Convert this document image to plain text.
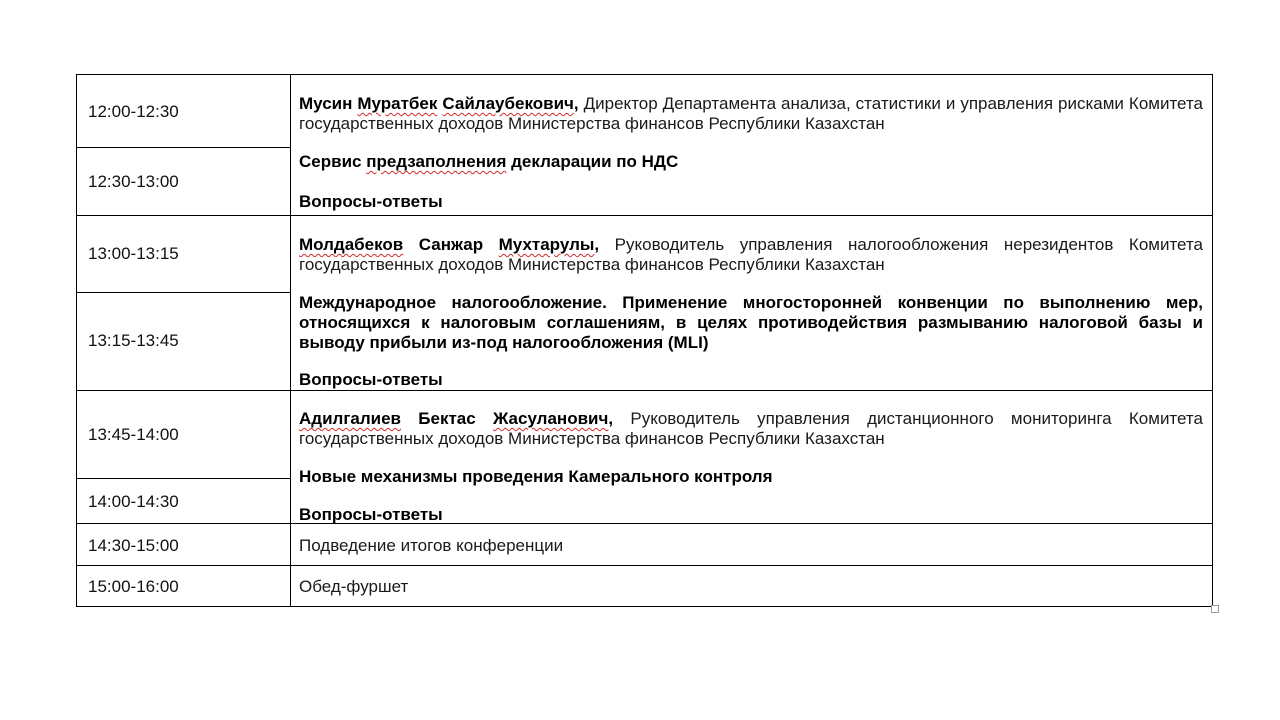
12:00-12:30
12:30-13:00
13:00-13:15
13:15-13:45
13:45-14:00
14:00-14:30
14:30-15:00
15:00-16:00
Мусин Муратбек Сайлаубекович, Директор Департамента анализа, статистики и управления рисками Комитета государственных доходов Министерства финансов Республики Казахстан
Сервис предзаполнения декларации по НДС
Вопросы-ответы
Молдабеков Санжар Мухтарулы, Руководитель управления налогообложения нерезидентов Комитета государственных доходов Министерства финансов Республики Казахстан
Международное налогообложение. Применение многосторонней конвенции по выполнению мер, относящихся к налоговым соглашениям, в целях противодействия размыванию налоговой базы и выводу прибыли из-под налогообложения (MLI)
Вопросы-ответы
Адилгалиев Бектас Жасуланович, Руководитель управления дистанционного мониторинга Комитета государственных доходов Министерства финансов Республики Казахстан
Новые механизмы проведения Камерального контроля
Вопросы-ответы
Подведение итогов конференции
Обед-фуршет
